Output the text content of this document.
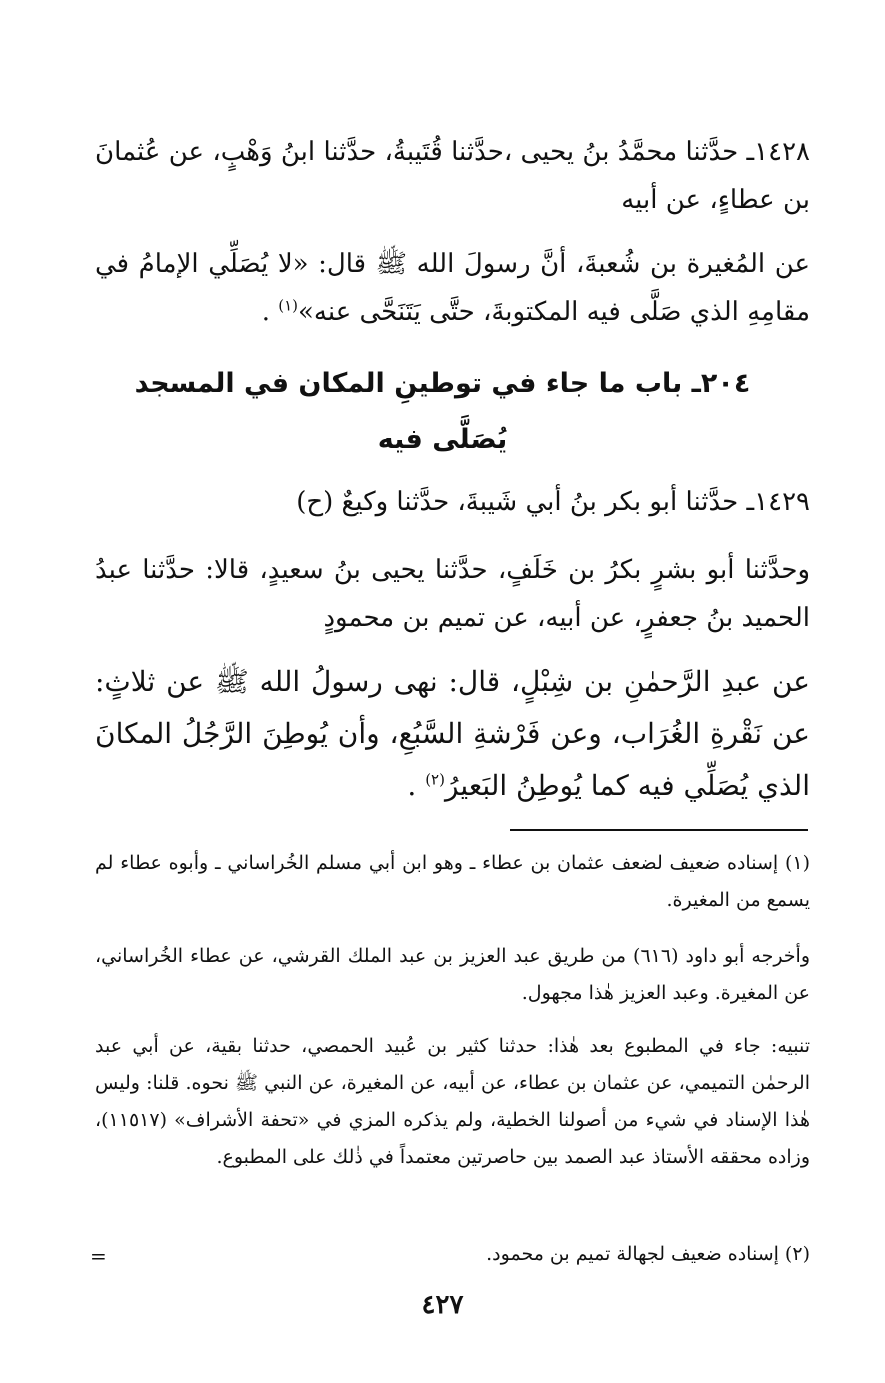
١٤٢٨ـ حدَّثنا محمَّدُ بنُ يحيى ،حدَّثنا قُتَيبةُ، حدَّثنا ابنُ وَهْبٍ، عن عُثمانَ بن عطاءٍ، عن أبيه

عن المُغيرة بن شُعبةَ، أنَّ رسولَ الله ﷺ قال: «لا يُصَلِّي الإمامُ في مقامِهِ الذي صَلَّى فيه المكتوبةَ، حتَّى يَتَنَحَّى عنه»$^{(١)}$ .

٢٠٤ـ باب ما جاء في توطينِ المكان في المسجد

يُصَلَّى فيه

١٤٢٩ـ حدَّثنا أبو بكر بنُ أبي شَيبةَ، حدَّثنا وكيعٌ (ح)

وحدَّثنا أبو بشرٍ بكرُ بن خَلَفٍ، حدَّثنا يحيى بنُ سعيدٍ، قالا: حدَّثنا عبدُ الحميد بنُ جعفرٍ، عن أبيه، عن تميم بن محمودٍ

عن عبدِ الرَّحمٰنِ بن شِبْلٍ، قال: نهى رسولُ الله ﷺ عن ثلاثٍ: عن نَقْرةِ الغُرَاب، وعن فَرْشةِ السَّبُعِ، وأن يُوطِنَ الرَّجُلُ المكانَ الذي يُصَلِّي فيه كما يُوطِنُ البَعيرُ$^{(٢)}$ .

(١) إسناده ضعيف لضعف عثمان بن عطاء ـ وهو ابن أبي مسلم الخُراساني ـ وأبوه عطاء لم يسمع من المغيرة.

وأخرجه أبو داود (٦١٦) من طريق عبد العزيز بن عبد الملك القرشي، عن عطاء الخُراساني، عن المغيرة. وعبد العزيز هٰذا مجهول.

تنبيه: جاء في المطبوع بعد هٰذا: حدثنا كثير بن عُبيد الحمصي، حدثنا بقية، عن أبي عبد الرحمٰن التميمي، عن عثمان بن عطاء، عن أبيه، عن المغيرة، عن النبي ﷺ نحوه. قلنا: وليس هٰذا الإسناد في شيء من أصولنا الخطية، ولم يذكره المزي في «تحفة الأشراف» (١١٥١٧)، وزاده محققه الأستاذ عبد الصمد بين حاصرتين معتمداً في ذٰلك على المطبوع.

(٢) إسناده ضعيف لجهالة تميم بن محمود.

=
٤٢٧
